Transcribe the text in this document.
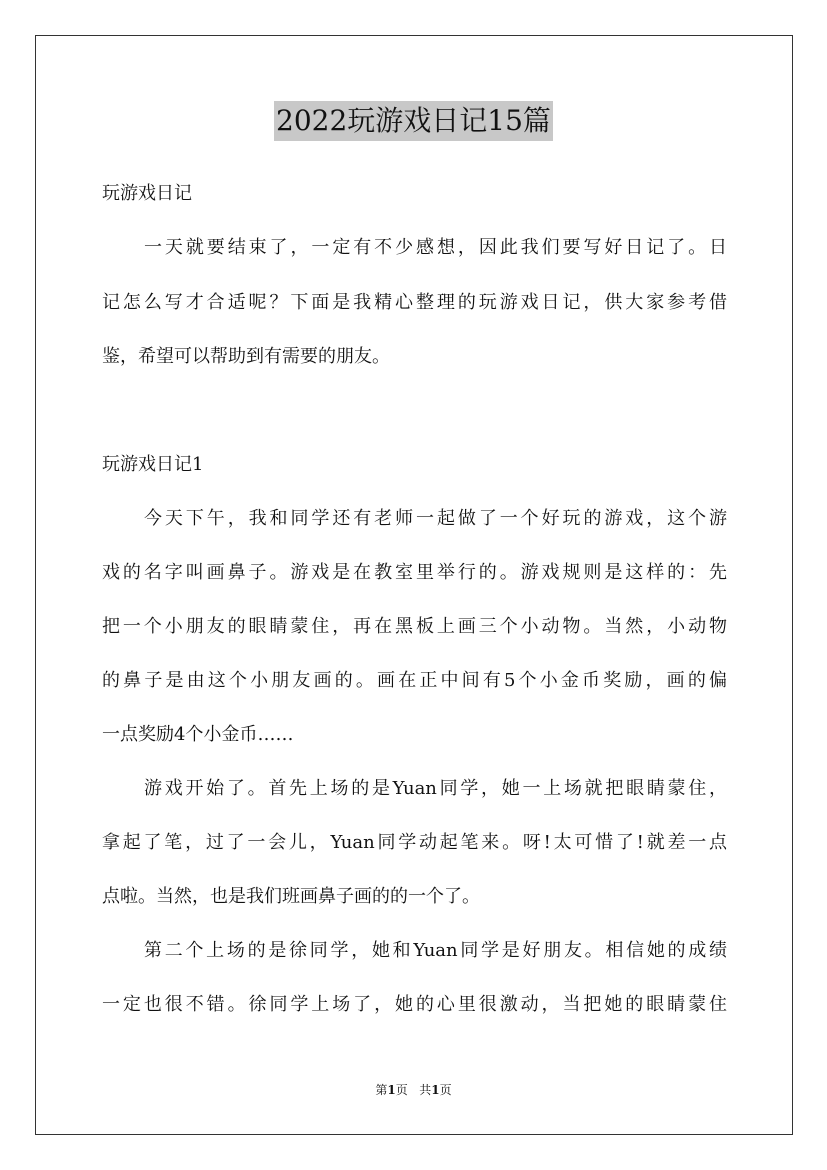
2022玩游戏日记15篇
玩游戏日记
一天就要结束了，一定有不少感想，因此我们要写好日记了。日
记怎么写才合适呢？下面是我精心整理的玩游戏日记，供大家参考借
鉴，希望可以帮助到有需要的朋友。
玩游戏日记1
今天下午，我和同学还有老师一起做了一个好玩的游戏，这个游
戏的名字叫画鼻子。游戏是在教室里举行的。游戏规则是这样的：先
把一个小朋友的眼睛蒙住，再在黑板上画三个小动物。当然，小动物
的鼻子是由这个小朋友画的。画在正中间有5个小金币奖励，画的偏
一点奖励4个小金币……
游戏开始了。首先上场的是Yuan同学，她一上场就把眼睛蒙住，
拿起了笔，过了一会儿，Yuan同学动起笔来。呀!太可惜了!就差一点
点啦。当然，也是我们班画鼻子画的的一个了。
第二个上场的是徐同学，她和Yuan同学是好朋友。相信她的成绩
一定也很不错。徐同学上场了，她的心里很激动，当把她的眼睛蒙住
第1页 共1页
